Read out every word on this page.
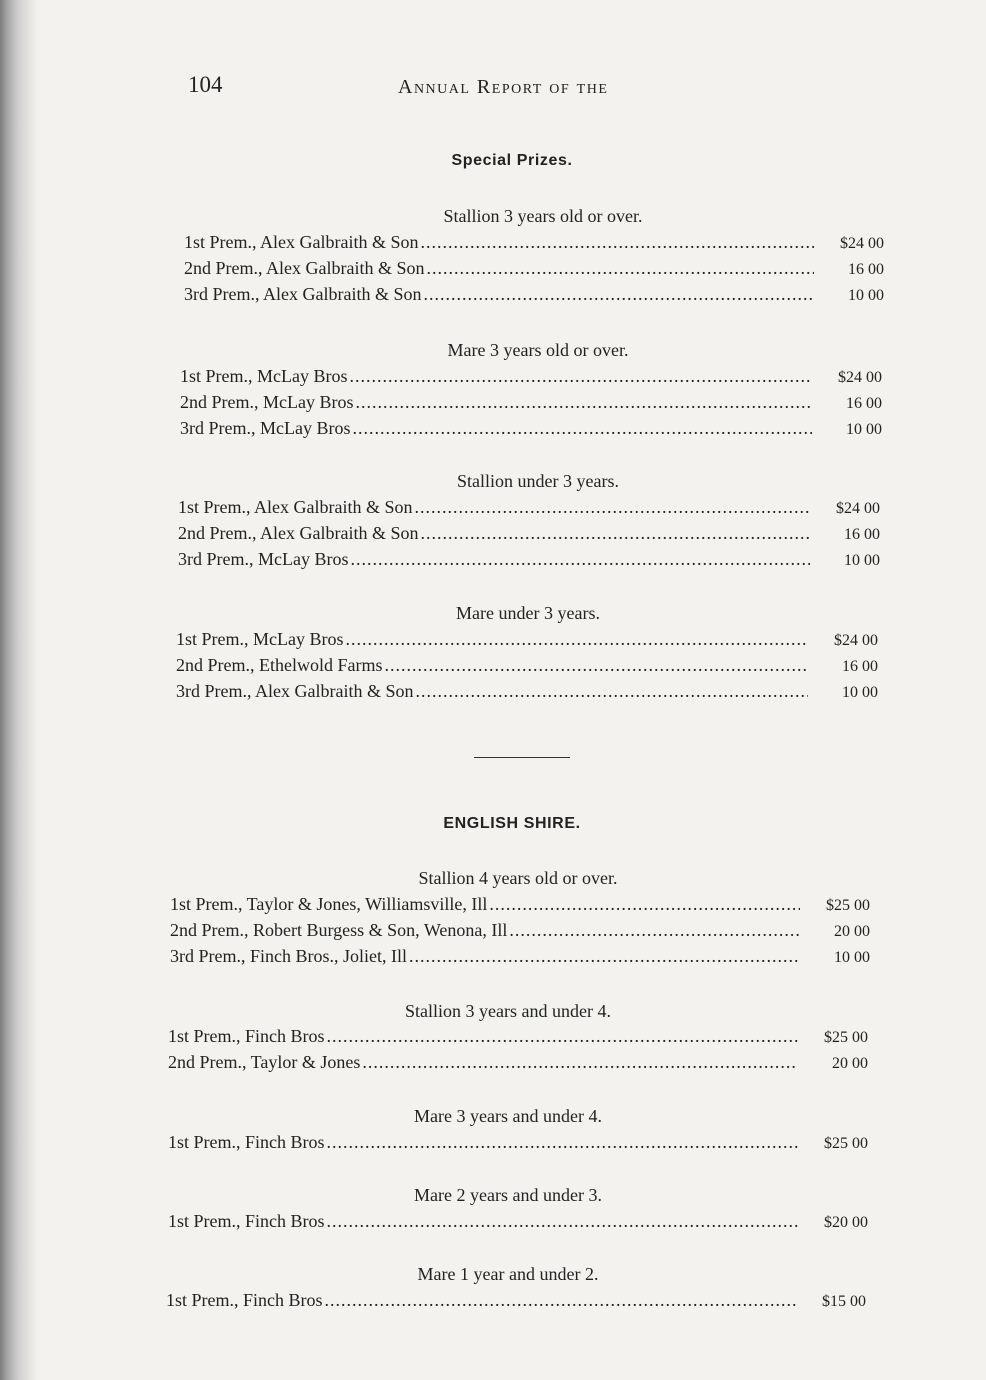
104	Annual Report of the
Special Prizes.
Stallion 3 years old or over.
1st Prem., Alex Galbraith & Son .....	$24 00
2nd Prem., Alex Galbraith & Son .....	16 00
3rd Prem., Alex Galbraith & Son .....	10 00
Mare 3 years old or over.
1st Prem., McLay Bros .....	$24 00
2nd Prem., McLay Bros .....	16 00
3rd Prem., McLay Bros .....	10 00
Stallion under 3 years.
1st Prem., Alex Galbraith & Son .....	$24 00
2nd Prem., Alex Galbraith & Son .....	16 00
3rd Prem., McLay Bros .....	10 00
Mare under 3 years.
1st Prem., McLay Bros .....	$24 00
2nd Prem., Ethelwold Farms .....	16 00
3rd Prem., Alex Galbraith & Son .....	10 00
ENGLISH SHIRE.
Stallion 4 years old or over.
1st Prem., Taylor & Jones, Williamsville, Ill .....	$25 00
2nd Prem., Robert Burgess & Son, Wenona, Ill .....	20 00
3rd Prem., Finch Bros., Joliet, Ill .....	10 00
Stallion 3 years and under 4.
1st Prem., Finch Bros .....	$25 00
2nd Prem., Taylor & Jones .....	20 00
Mare 3 years and under 4.
1st Prem., Finch Bros .....	$25 00
Mare 2 years and under 3.
1st Prem., Finch Bros .....	$20 00
Mare 1 year and under 2.
1st Prem., Finch Bros .....	$15 00
